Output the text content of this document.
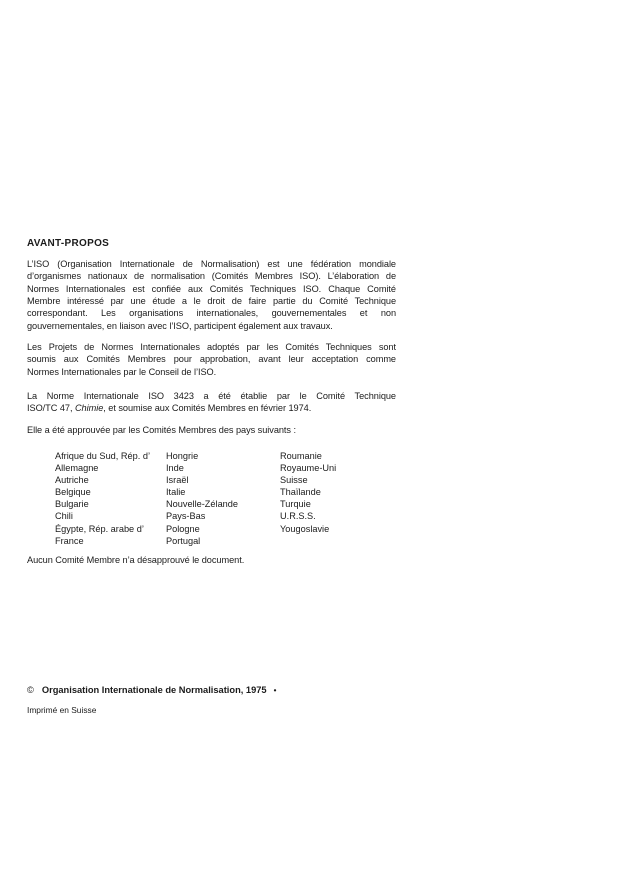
AVANT-PROPOS
L’ISO (Organisation Internationale de Normalisation) est une fédération mondiale
d’organismes nationaux de normalisation (Comités Membres ISO). L’élaboration de
Normes Internationales est confiée aux Comités Techniques ISO. Chaque Comité
Membre intéressé par une étude a le droit de faire partie du Comité Technique
correspondant. Les organisations internationales, gouvernementales et non
gouvernementales, en liaison avec l’ISO, participent également aux travaux.
Les Projets de Normes Internationales adoptés par les Comités Techniques sont
soumis aux Comités Membres pour approbation, avant leur acceptation comme
Normes Internationales par le Conseil de l’ISO.
La Norme Internationale ISO 3423 a été établie par le Comité Technique
ISO/TC 47, Chimie, et soumise aux Comités Membres en février 1974.
Elle a été approuvée par les Comités Membres des pays suivants :
Afrique du Sud, Rép. d’
Allemagne
Autriche
Belgique
Bulgarie
Chili
Égypte, Rép. arabe d’
France
Hongrie
Inde
Israël
Italie
Nouvelle-Zélande
Pays-Bas
Pologne
Portugal
Roumanie
Royaume-Uni
Suisse
Thaïlande
Turquie
U.R.S.S.
Yougoslavie
Aucun Comité Membre n’a désapprouvé le document.
© Organisation Internationale de Normalisation, 1975 •
Imprimé en Suisse
